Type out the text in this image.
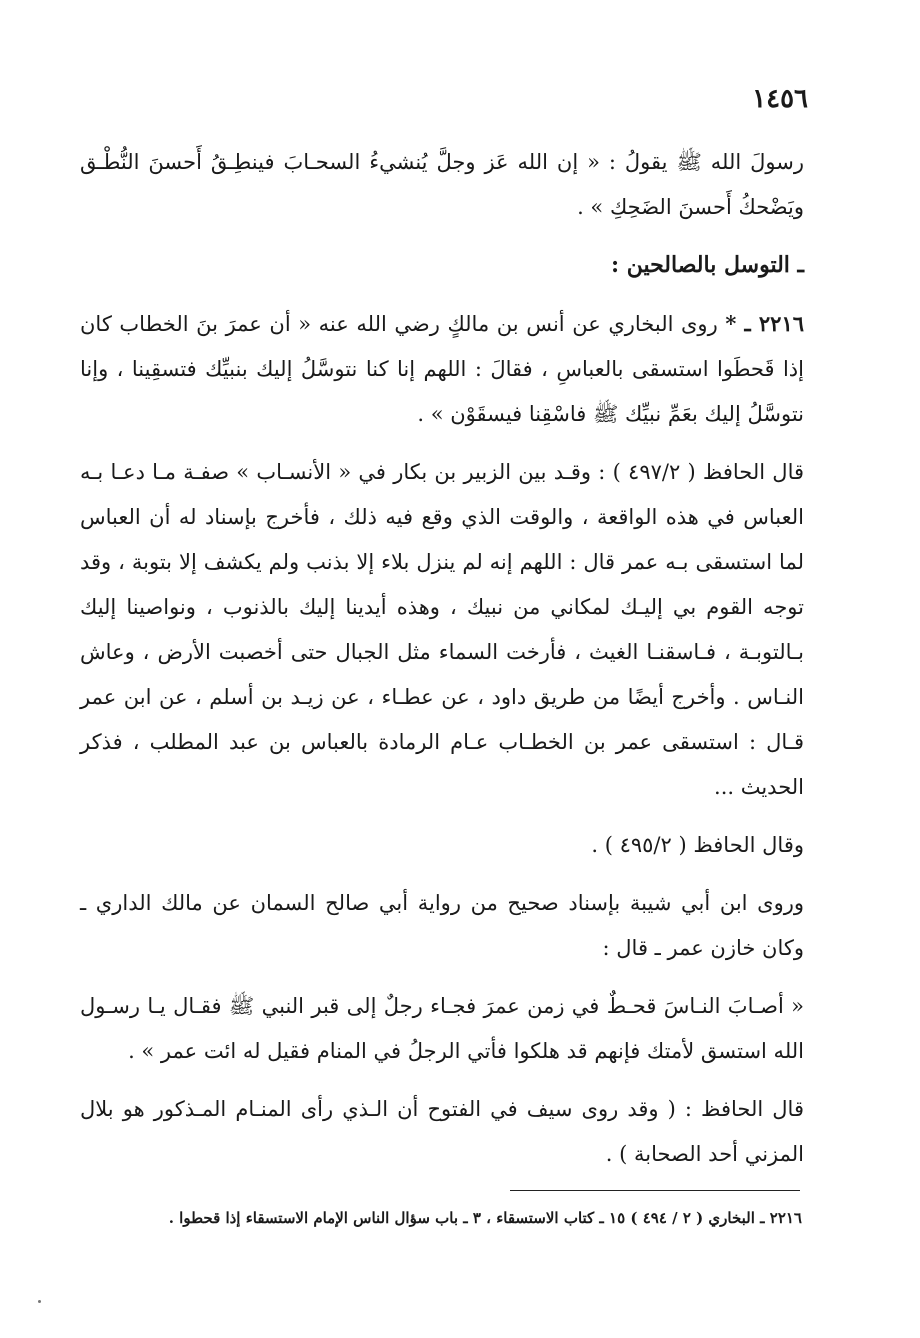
١٤٥٦

رسولَ الله ﷺ يقولُ : « إن الله عَز وجلَّ يُنشيءُ السحـابَ فينطِـقُ أَحسنَ النُّطْـق ويَضْحكُ أَحسنَ الضَحِكِ » .

ـ التوسل بالصالحين :

٢٢١٦ ـ * روى البخاري عن أنس بن مالكٍ رضي الله عنه « أن عمرَ بنَ الخطاب كان إذا قَحطَوا استسقى بالعباسِ ، فقالَ : اللهم إنا كنا نتوسَّلُ إليك بنبيِّك فتسقِينا ، وإنا نتوسَّلُ إليك بعَمِّ نبيِّك ﷺ فاسْقِنا فيسقَوْن » .

قال الحافظ ( ٤٩٧/٢ ) : وقـد بين الزبير بن بكار في « الأنسـاب » صفـة مـا دعـا بـه العباس في هذه الواقعة ، والوقت الذي وقع فيه ذلك ، فأخرج بإسناد له أن العباس لما استسقى بـه عمر قال : اللهم إنه لم ينزل بلاء إلا بذنب ولم يكشف إلا بتوبة ، وقد توجه القوم بي إليـك لمكاني من نبيك ، وهذه أيدينا إليك بالذنوب ، ونواصينا إليك بـالتوبـة ، فـاسقنـا الغيث ، فأرخت السماء مثل الجبال حتى أخصبت الأرض ، وعاش النـاس . وأخرج أيضًا من طريق داود ، عن عطـاء ، عن زيـد بن أسلم ، عن ابن عمر قـال : استسقى عمر بن الخطـاب عـام الرمادة بالعباس بن عبد المطلب ، فذكر الحديث ...

وقال الحافظ ( ٤٩٥/٢ ) .

وروى ابن أبي شيبة بإسناد صحيح من رواية أبي صالح السمان عن مالك الداري ـ وكان خازن عمر ـ قال :

« أصـابَ النـاسَ قحـطٌ في زمن عمرَ فجـاء رجلٌ إلى قبر النبي ﷺ فقـال يـا رسـول الله استسق لأمتك فإنهم قد هلكوا فأتي الرجلُ في المنام فقيل له ائت عمر » .

قال الحافظ : ( وقد روى سيف في الفتوح أن الـذي رأى المنـام المـذكور هو بلال المزني أحد الصحابة ) .

٢٢١٦ ـ البخاري ( ٢ / ٤٩٤ ) ١٥ ـ كتاب الاستسقاء ، ٣ ـ باب سؤال الناس الإمام الاستسقاء إذا قحطوا .
